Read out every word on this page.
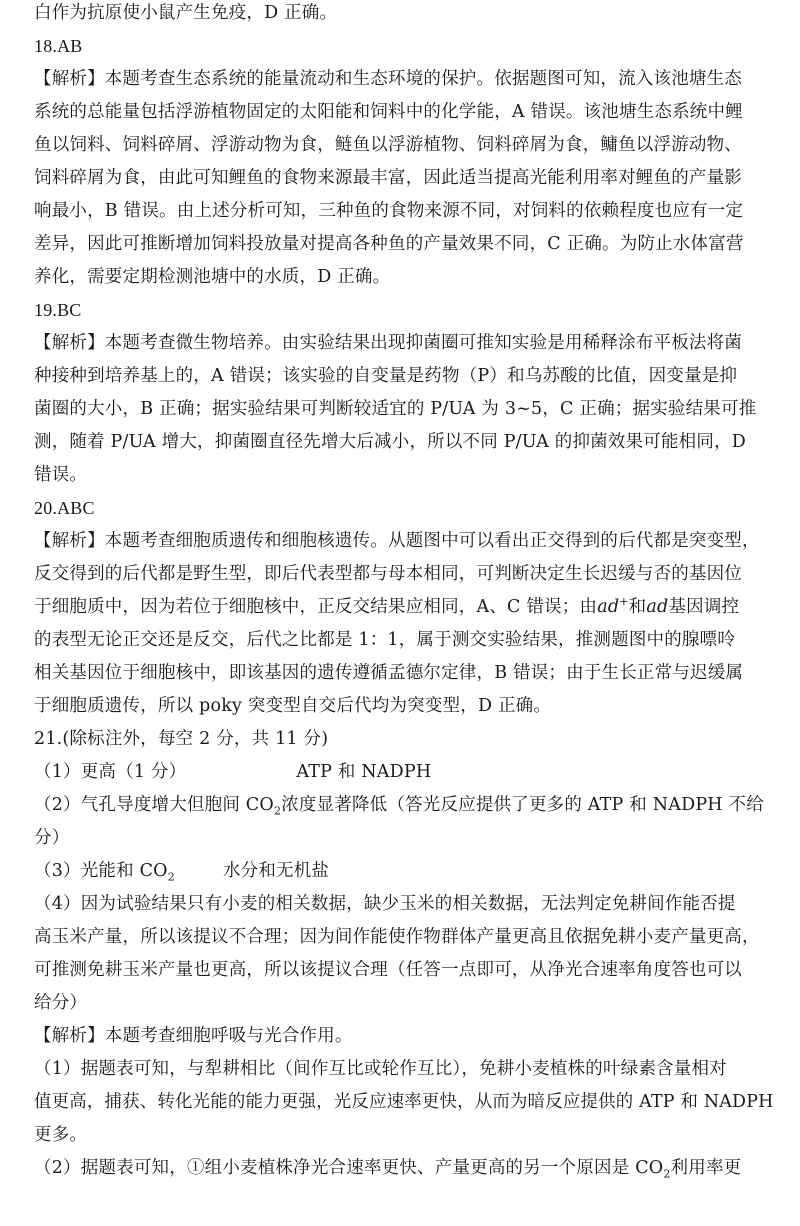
白作为抗原使小鼠产生免疫，D 正确。
18.AB
【解析】本题考查生态系统的能量流动和生态环境的保护。依据题图可知，流入该池塘生态
系统的总能量包括浮游植物固定的太阳能和饲料中的化学能，A 错误。该池塘生态系统中鲤
鱼以饲料、饲料碎屑、浮游动物为食，鲢鱼以浮游植物、饲料碎屑为食，鳙鱼以浮游动物、
饲料碎屑为食，由此可知鲤鱼的食物来源最丰富，因此适当提高光能利用率对鲤鱼的产量影
响最小，B 错误。由上述分析可知，三种鱼的食物来源不同，对饲料的依赖程度也应有一定
差异，因此可推断增加饲料投放量对提高各种鱼的产量效果不同，C 正确。为防止水体富营
养化，需要定期检测池塘中的水质，D 正确。
19.BC
【解析】本题考查微生物培养。由实验结果出现抑菌圈可推知实验是用稀释涂布平板法将菌
种接种到培养基上的，A 错误；该实验的自变量是药物（P）和乌苏酸的比值，因变量是抑
菌圈的大小，B 正确；据实验结果可判断较适宜的 P/UA 为 3~5，C 正确；据实验结果可推
测，随着 P/UA 增大，抑菌圈直径先增大后减小，所以不同 P/UA 的抑菌效果可能相同，D
错误。
20.ABC
【解析】本题考查细胞质遗传和细胞核遗传。从题图中可以看出正交得到的后代都是突变型，
反交得到的后代都是野生型，即后代表型都与母本相同，可判断决定生长迟缓与否的基因位
于细胞质中，因为若位于细胞核中，正反交结果应相同，A、C 错误；由ad+和ad基因调控
的表型无论正交还是反交，后代之比都是 1：1，属于测交实验结果，推测题图中的腺嘌呤
相关基因位于细胞核中，即该基因的遗传遵循孟德尔定律，B 错误；由于生长正常与迟缓属
于细胞质遗传，所以 poky 突变型自交后代均为突变型，D 正确。
21.(除标注外，每空 2 分，共 11 分)
（1）更高（1 分）	ATP 和 NADPH
（2）气孔导度增大但胞间 $CO_2$浓度显著降低（答光反应提供了更多的 ATP 和 NADPH 不给
分）
（3）光能和 $CO_2$	水分和无机盐
（4）因为试验结果只有小麦的相关数据，缺少玉米的相关数据，无法判定免耕间作能否提
高玉米产量，所以该提议不合理；因为间作能使作物群体产量更高且依据免耕小麦产量更高，
可推测免耕玉米产量也更高，所以该提议合理（任答一点即可，从净光合速率角度答也可以
给分）
【解析】本题考查细胞呼吸与光合作用。
（1）据题表可知，与犁耕相比（间作互比或轮作互比），免耕小麦植株的叶绿素含量相对
值更高，捕获、转化光能的能力更强，光反应速率更快，从而为暗反应提供的 ATP 和 NADPH
更多。
（2）据题表可知，①组小麦植株净光合速率更快、产量更高的另一个原因是 $CO_2$利用率更
